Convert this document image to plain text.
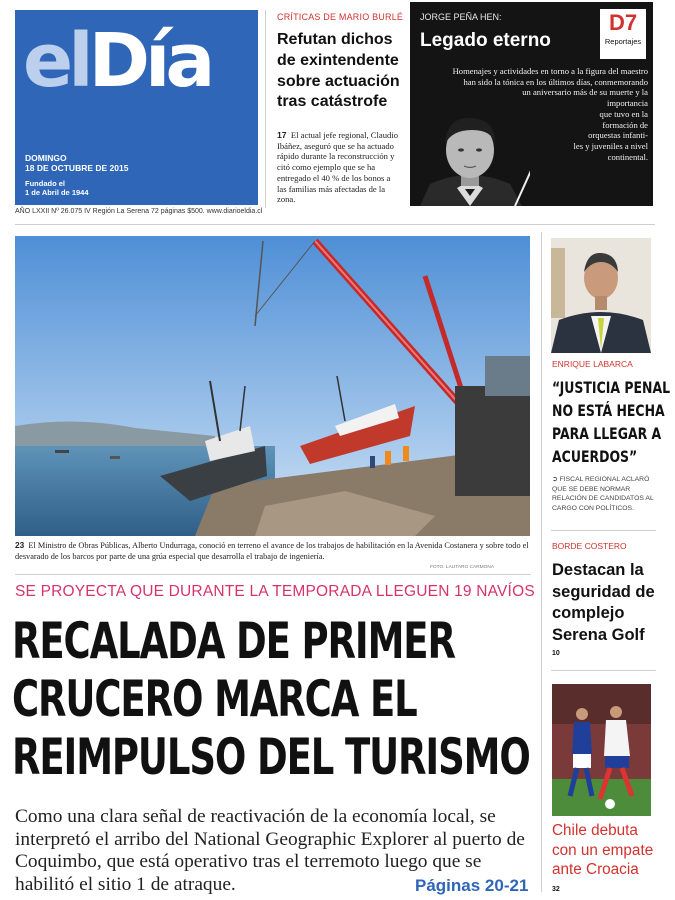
elDía
DOMINGO
18 DE OCTUBRE DE 2015
Fundado el
1 de Abril de 1944
AÑO LXXII Nº 26.075 IV Región La Serena 72 páginas $500. www.diarioeldia.cl
CRÍTICAS DE MARIO BURLÉ
Refutan dichos de exintendente sobre actuación tras catástrofe
17 El actual jefe regional, Claudio Ibáñez, aseguró que se ha actuado rápido durante la reconstrucción y citó como ejemplo que se ha entregado el 40 % de los bonos a las familias más afectadas de la zona.
JORGE PEÑA HEN:
Legado eterno
D7
Reportajes
Homenajes y actividades en torno a la figura del maestro
han sido la tónica en los últimos días, conmemorando
un aniversario más de su muerte y la
importancia
que tuvo en la
formación de
orquestas infanti-
les y juveniles a nivel
continental.
23 El Ministro de Obras Públicas, Alberto Undurraga, conoció en terreno el avance de los trabajos de habilitación en la Avenida Costanera y sobre todo el desvarado de los barcos por parte de una grúa especial que desarrolla el trabajo de ingeniería.
FOTO: LAUTARO CARMONA
SE PROYECTA QUE DURANTE LA TEMPORADA LLEGUEN 19 NAVÍOS
RECALADA DE PRIMER
CRUCERO MARCA EL
REIMPULSO DEL TURISMO
Como una clara señal de reactivación de la economía local, se interpretó el arribo del National Geographic Explorer al puerto de Coquimbo, que está operativo tras el terremoto luego que se habilitó el sitio 1 de atraque.	Páginas 20-21
ENRIQUE LABARCA
“JUSTICIA PENAL
NO ESTÁ HECHA
PARA LLEGAR A
ACUERDOS”
➲ FISCAL REGIONAL ACLARÓ QUE SE DEBE NORMAR RELACIÓN DE CANDIDATOS AL CARGO CON POLÍTICOS.
BORDE COSTERO
Destacan la seguridad de complejo Serena Golf
10
Chile debuta con un empate ante Croacia
32
